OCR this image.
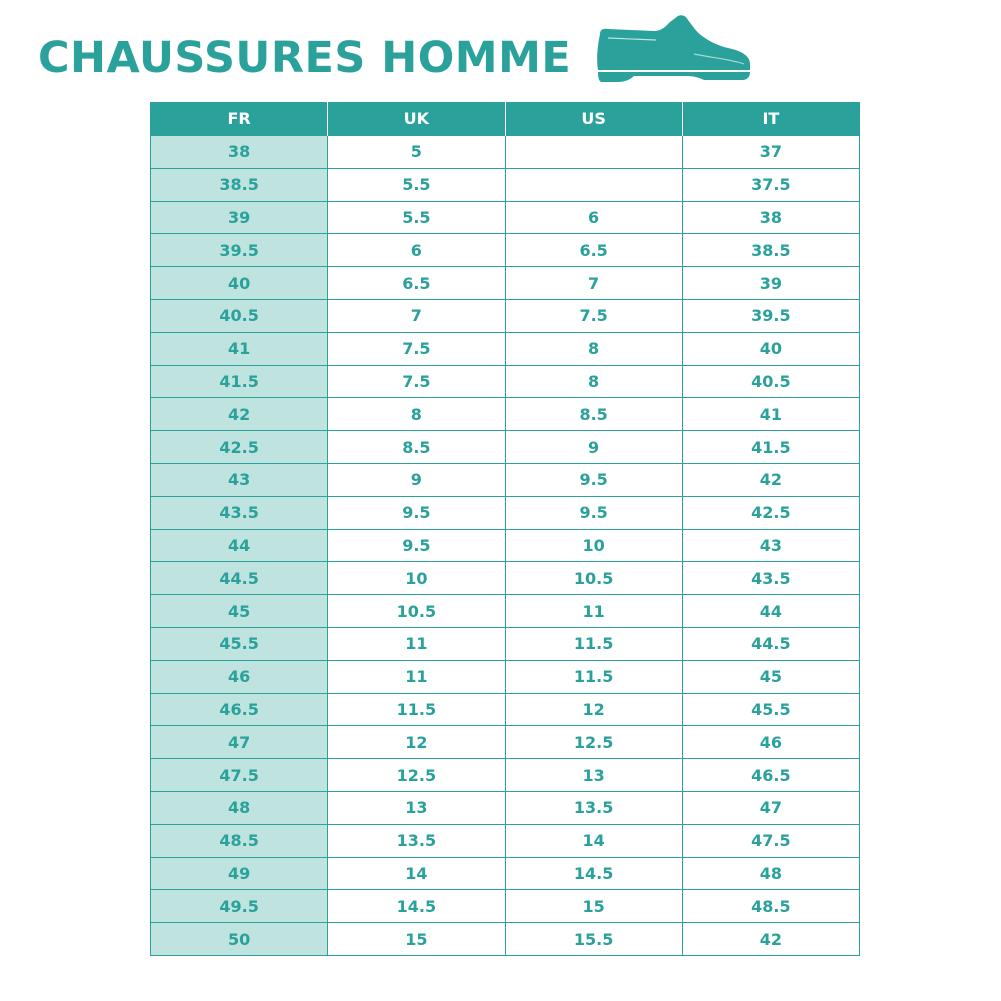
CHAUSSURES HOMME
FR	UK	US	IT
38	5		37
38.5	5.5		37.5
39	5.5	6	38
39.5	6	6.5	38.5
40	6.5	7	39
40.5	7	7.5	39.5
41	7.5	8	40
41.5	7.5	8	40.5
42	8	8.5	41
42.5	8.5	9	41.5
43	9	9.5	42
43.5	9.5	9.5	42.5
44	9.5	10	43
44.5	10	10.5	43.5
45	10.5	11	44
45.5	11	11.5	44.5
46	11	11.5	45
46.5	11.5	12	45.5
47	12	12.5	46
47.5	12.5	13	46.5
48	13	13.5	47
48.5	13.5	14	47.5
49	14	14.5	48
49.5	14.5	15	48.5
50	15	15.5	42
